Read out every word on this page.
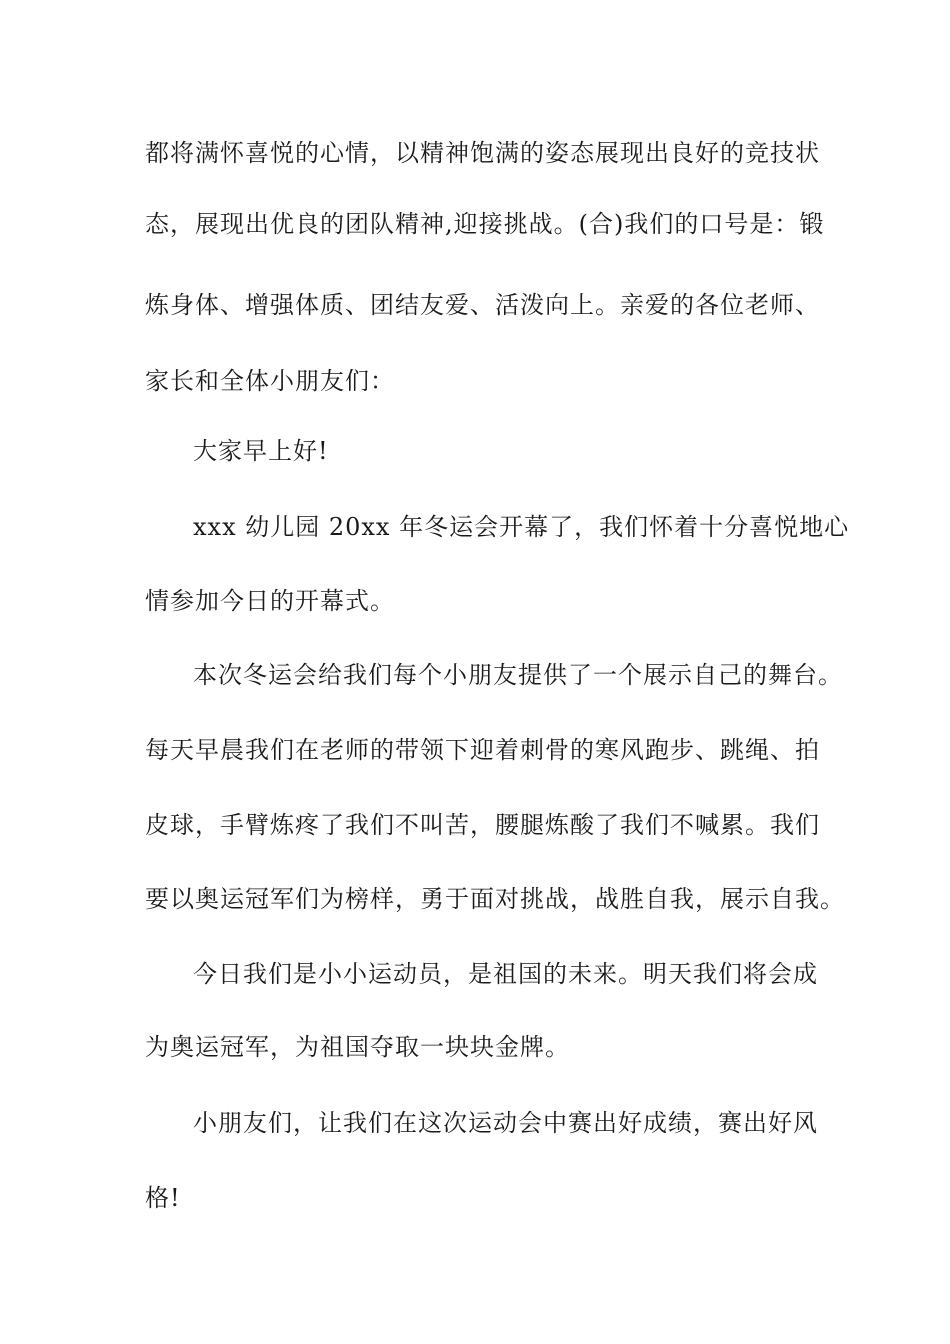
都将满怀喜悦的心情，以精神饱满的姿态展现出良好的竞技状
态，展现出优良的团队精神,迎接挑战。(合)我们的口号是：锻
炼身体、增强体质、团结友爱、活泼向上。亲爱的各位老师、
家长和全体小朋友们：
大家早上好!
xxx 幼儿园 20xx 年冬运会开幕了，我们怀着十分喜悦地心
情参加今日的开幕式。
本次冬运会给我们每个小朋友提供了一个展示自己的舞台。
每天早晨我们在老师的带领下迎着刺骨的寒风跑步、跳绳、拍
皮球，手臂炼疼了我们不叫苦，腰腿炼酸了我们不喊累。我们
要以奥运冠军们为榜样，勇于面对挑战，战胜自我，展示自我。
今日我们是小小运动员，是祖国的未来。明天我们将会成
为奥运冠军，为祖国夺取一块块金牌。
小朋友们，让我们在这次运动会中赛出好成绩，赛出好风
格!
